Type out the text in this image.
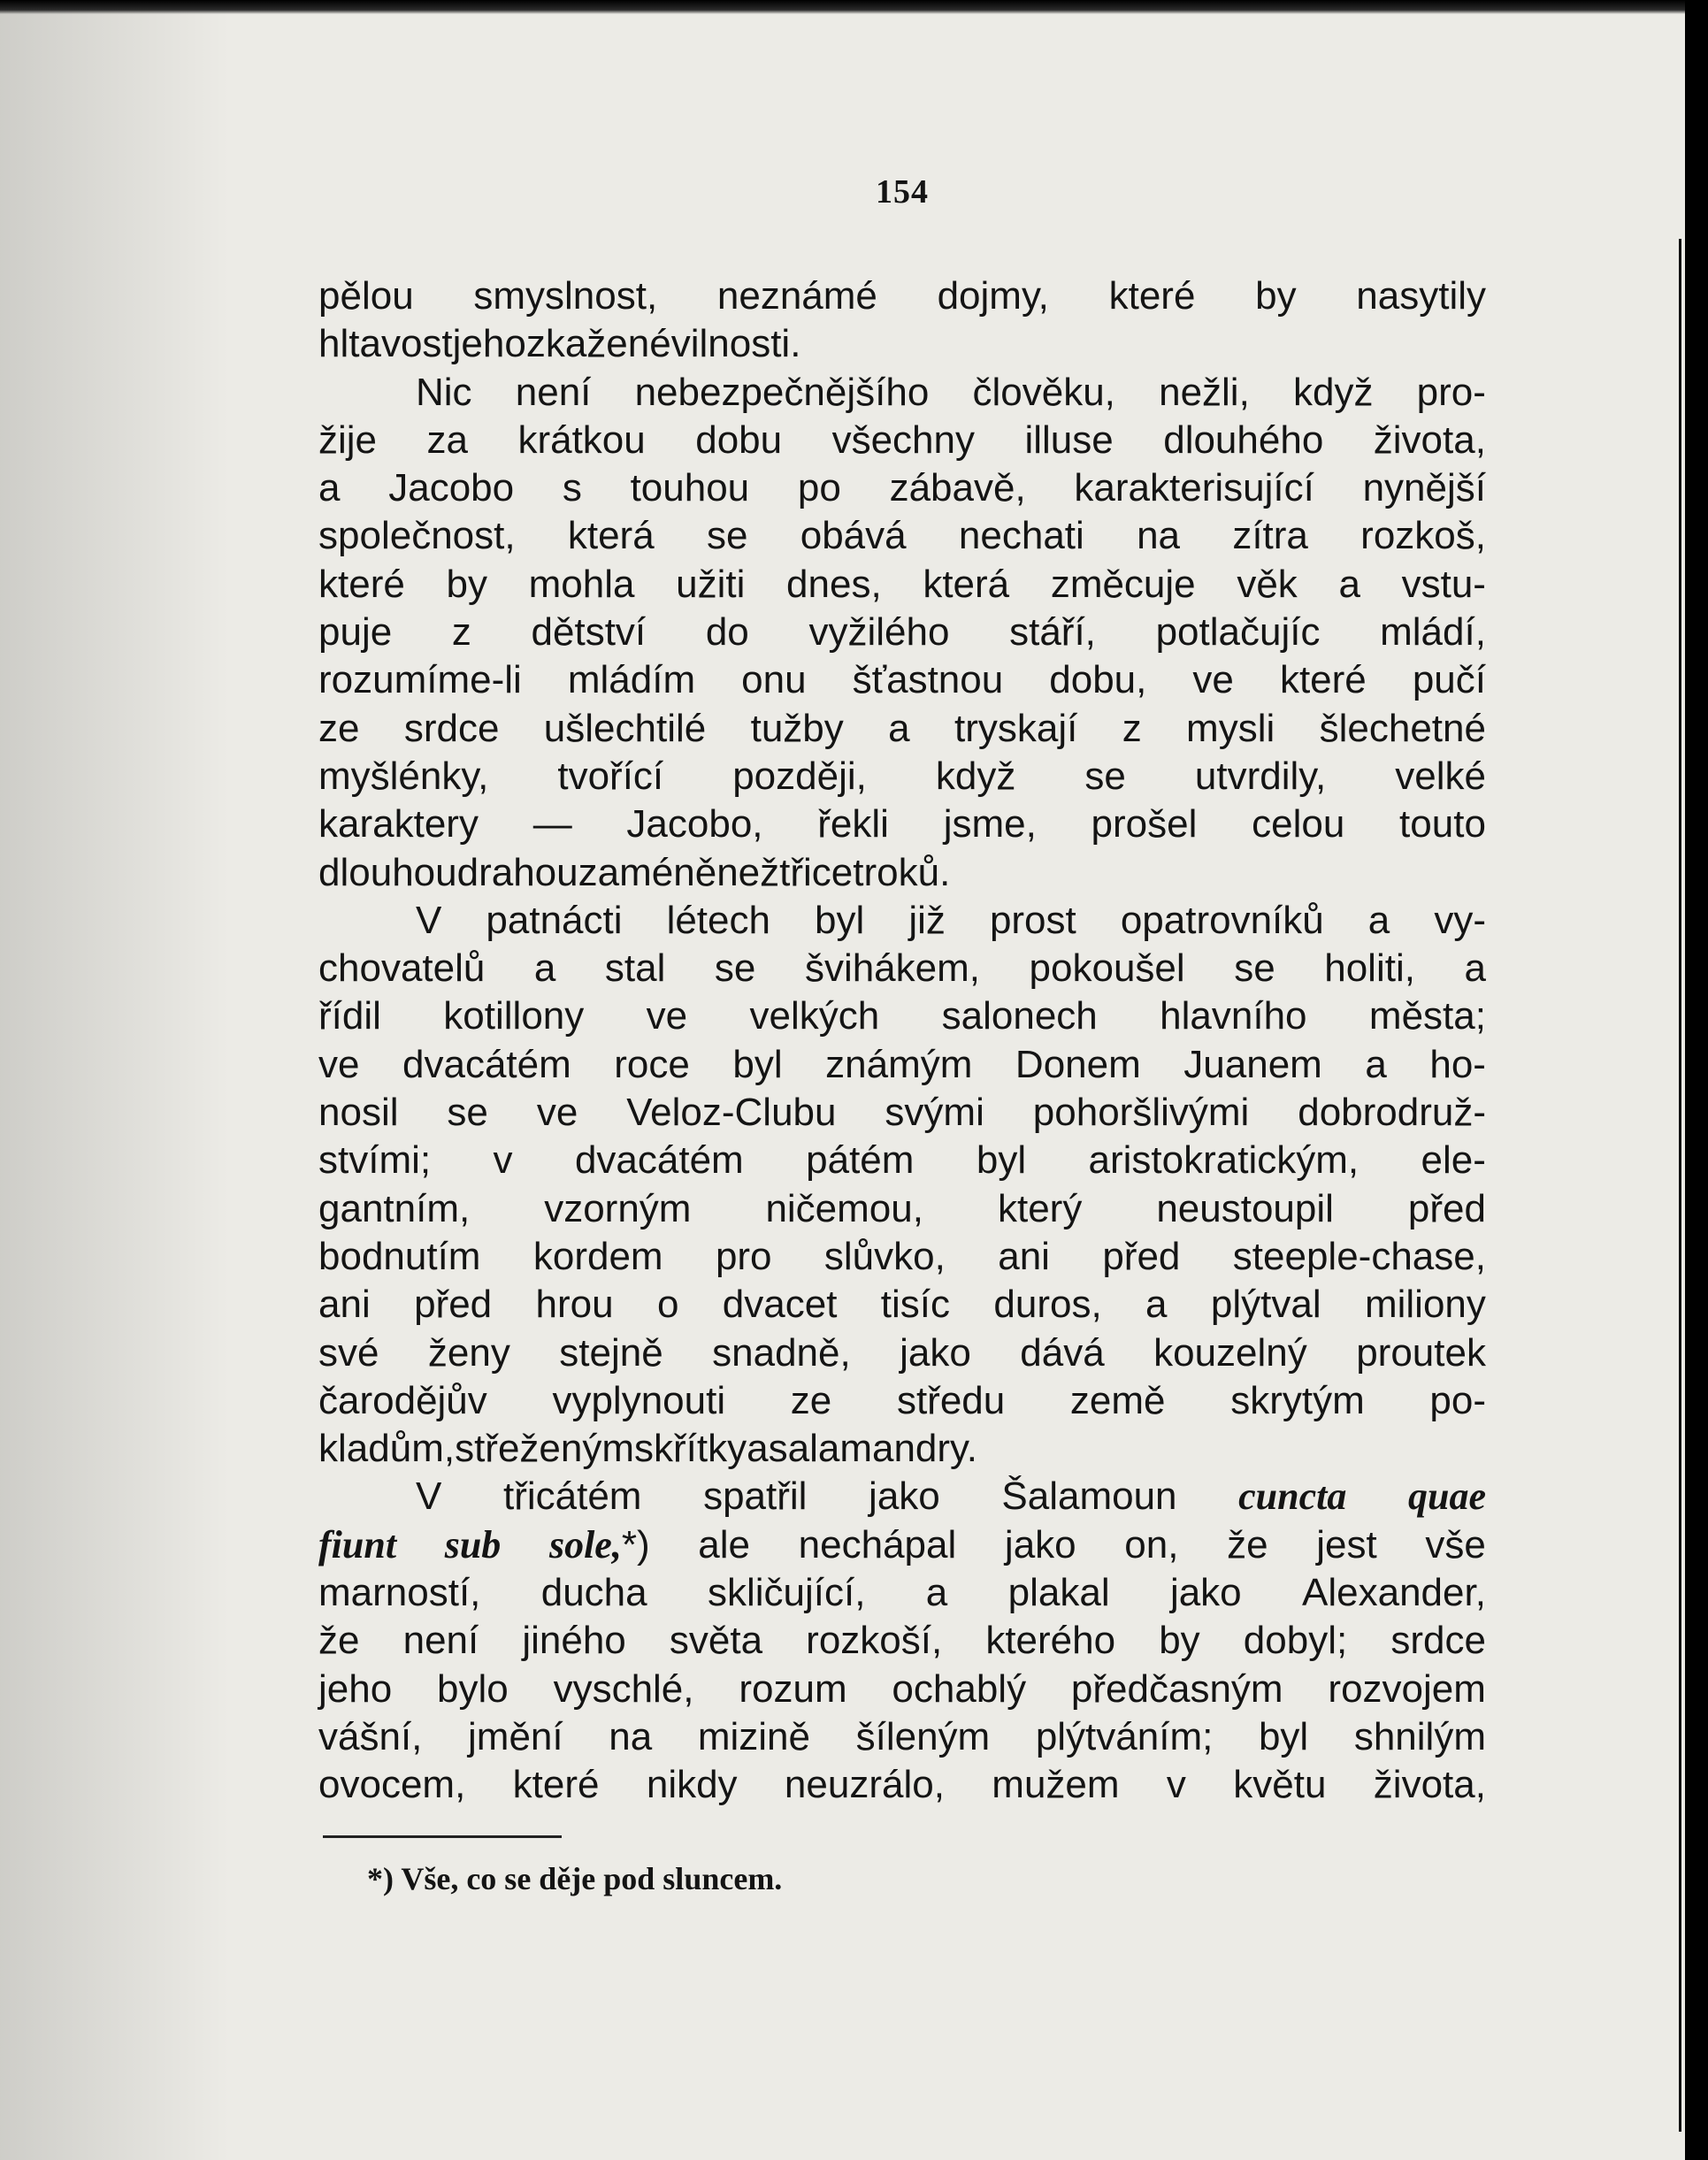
154
pělou smyslnost, neznámé dojmy, které by nasytily
hltavost jeho zkažené vilnosti.
Nic není nebezpečnějšího člověku, nežli, když pro-
žije za krátkou dobu všechny illuse dlouhého života,
a Jacobo s touhou po zábavě, karakterisující nynější
společnost, která se obává nechati na zítra rozkoš,
které by mohla užiti dnes, která změcuje věk a vstu-
puje z dětství do vyžilého stáří, potlačujíc mládí,
rozumíme-li mládím onu šťastnou dobu, ve které pučí
ze srdce ušlechtilé tužby a tryskají z mysli šlechetné
myšlénky, tvořící později, když se utvrdily, velké
karaktery — Jacobo, řekli jsme, prošel celou touto
dlouhou drahou za méně než třicet roků.
V patnácti létech byl již prost opatrovníků a vy-
chovatelů a stal se švihákem, pokoušel se holiti, a
řídil kotillony ve velkých salonech hlavního města;
ve dvacátém roce byl známým Donem Juanem a ho-
nosil se ve Veloz-Clubu svými pohoršlivými dobrodruž-
stvími; v dvacátém pátém byl aristokratickým, ele-
gantním, vzorným ničemou, který neustoupil před
bodnutím kordem pro slůvko, ani před steeple-chase,
ani před hrou o dvacet tisíc duros, a plýtval miliony
své ženy stejně snadně, jako dává kouzelný proutek
čarodějův vyplynouti ze středu země skrytým po-
kladům, střeženým skřítky a salamandry.
V třicátém spatřil jako Šalamoun cuncta quae
fiunt sub sole,*) ale nechápal jako on, že jest vše
marností, ducha skličující, a plakal jako Alexander,
že není jiného světa rozkoší, kterého by dobyl; srdce
jeho bylo vyschlé, rozum ochablý předčasným rozvojem
vášní, jmění na mizině šíleným plýtváním; byl shnilým
ovocem, které nikdy neuzrálo, mužem v květu života,
*) Vše, co se děje pod sluncem.
